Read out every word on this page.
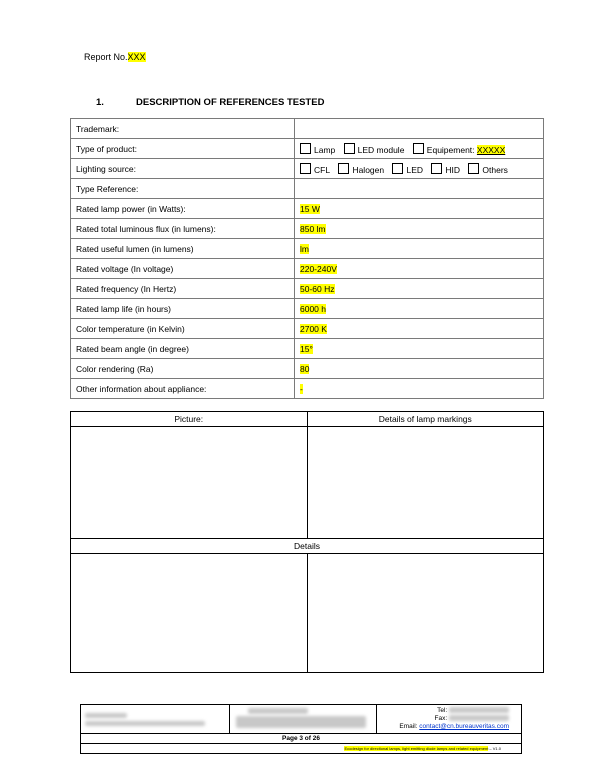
Report No.XXX
1.	DESCRIPTION OF REFERENCES TESTED
Trademark:	
Type of product:	Lamp LED module Equipement: XXXXX
Lighting source:	CFL Halogen LED HID Others
Type Reference:	
Rated lamp power (in Watts):	15 W
Rated total luminous flux (in lumens):	850 lm
Rated useful lumen (in lumens)	lm
Rated voltage (In voltage)	220-240V
Rated frequency (In Hertz)	50-60 Hz
Rated lamp life (in hours)	6000 h
Color temperature (in Kelvin)	2700 K
Rated beam angle (in degree)	15°
Color rendering (Ra)	80
Other information about appliance:	-
Picture:	Details of lamp markings

Details	

Tel:
Fax:
Email: contact@cn.bureauveritas.com
Page 3 of 26
Ecodesign for directional lamps, light emitting diode lamps and related equipment – V1.0
